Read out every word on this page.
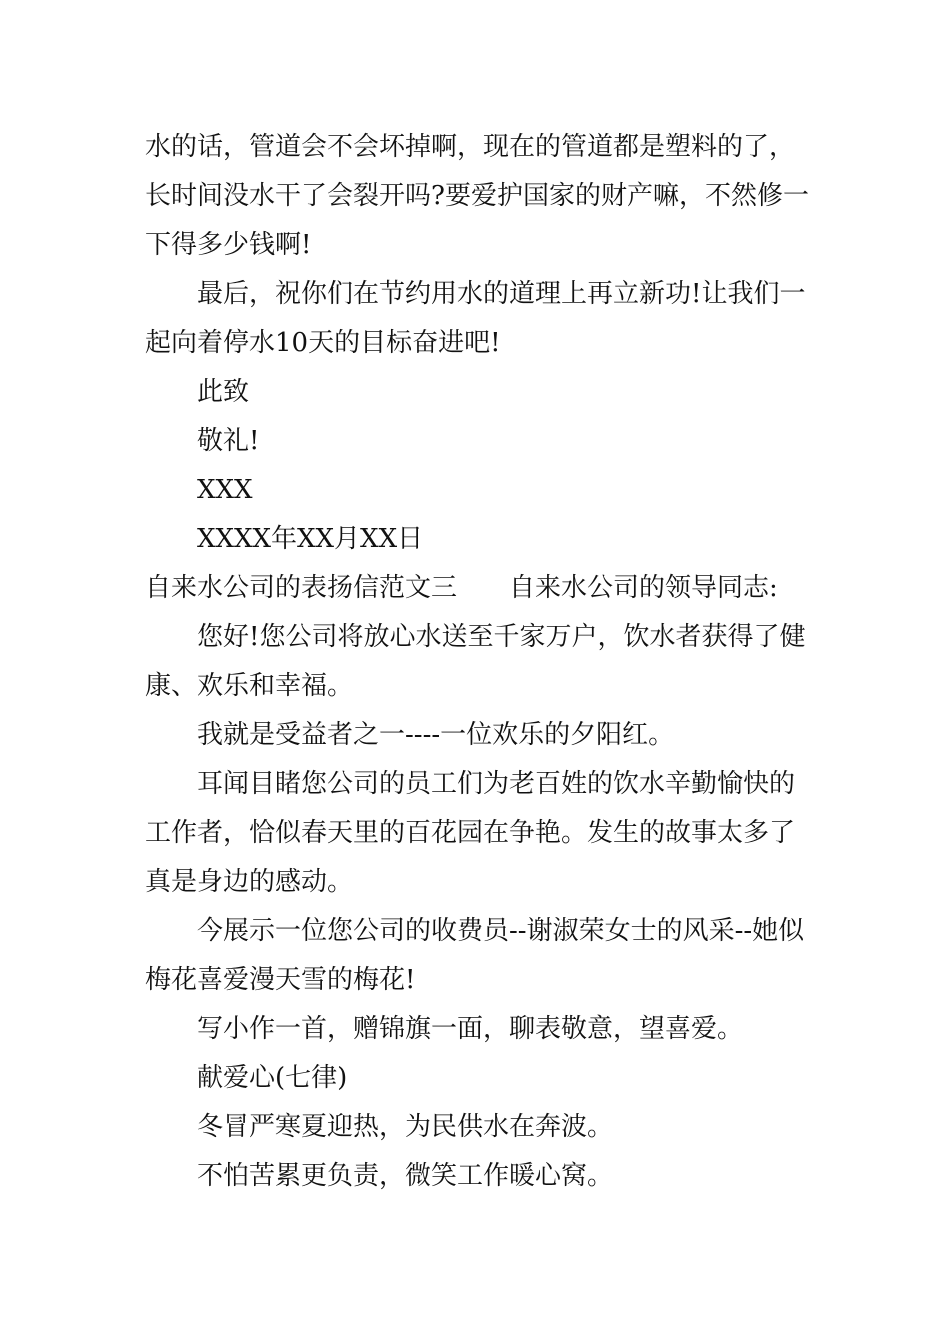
水的话，管道会不会坏掉啊，现在的管道都是塑料的了，长时间没水干了会裂开吗?要爱护国家的财产嘛，不然修一下得多少钱啊!

最后，祝你们在节约用水的道理上再立新功!让我们一起向着停水10天的目标奋进吧!

此致

敬礼!

XXX

XXXX年XX月XX日

自来水公司的表扬信范文三　　自来水公司的领导同志:

您好!您公司将放心水送至千家万户，饮水者获得了健康、欢乐和幸福。

我就是受益者之一----一位欢乐的夕阳红。

耳闻目睹您公司的员工们为老百姓的饮水辛勤愉快的工作者，恰似春天里的百花园在争艳。发生的故事太多了真是身边的感动。

今展示一位您公司的收费员--谢淑荣女士的风采--她似梅花喜爱漫天雪的梅花!

写小作一首，赠锦旗一面，聊表敬意，望喜爱。

献爱心(七律)

冬冒严寒夏迎热，为民供水在奔波。

不怕苦累更负责，微笑工作暖心窝。
